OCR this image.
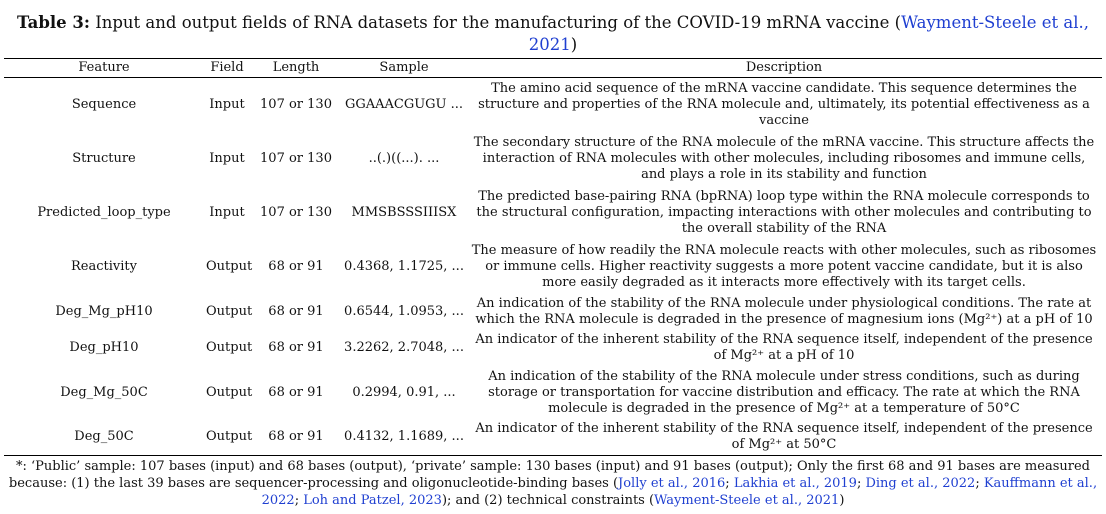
Table 3: Input and output fields of RNA datasets for the manufacturing of the COVID-19 mRNA vaccine (Wayment-Steele et al., 2021)
Feature	Field	Length	Sample	Description
Sequence	Input	107 or 130	GGAAACGUGU ...	The amino acid sequence of the mRNA vaccine candidate. This sequence determines the structure and properties of the RNA molecule and, ultimately, its potential effectiveness as a vaccine
Structure	Input	107 or 130	..(.)((...). ...	The secondary structure of the RNA molecule of the mRNA vaccine. This structure affects the interaction of RNA molecules with other molecules, including ribosomes and immune cells, and plays a role in its stability and function
Predicted_loop_type	Input	107 or 130	MMSBSSSIIISX	The predicted base-pairing RNA (bpRNA) loop type within the RNA molecule corresponds to the structural configuration, impacting interactions with other molecules and contributing to the overall stability of the RNA
Reactivity	Output	68 or 91	0.4368, 1.1725, ...	The measure of how readily the RNA molecule reacts with other molecules, such as ribosomes or immune cells. Higher reactivity suggests a more potent vaccine candidate, but it is also more easily degraded as it interacts more effectively with its target cells.
Deg_Mg_pH10	Output	68 or 91	0.6544, 1.0953, ...	An indication of the stability of the RNA molecule under physiological conditions. The rate at which the RNA molecule is degraded in the presence of magnesium ions (Mg²⁺) at a pH of 10
Deg_pH10	Output	68 or 91	3.2262, 2.7048, ...	An indicator of the inherent stability of the RNA sequence itself, independent of the presence of Mg²⁺ at a pH of 10
Deg_Mg_50C	Output	68 or 91	0.2994, 0.91, ...	An indication of the stability of the RNA molecule under stress conditions, such as during storage or transportation for vaccine distribution and efficacy. The rate at which the RNA molecule is degraded in the presence of Mg²⁺ at a temperature of 50°C
Deg_50C	Output	68 or 91	0.4132, 1.1689, ...	An indicator of the inherent stability of the RNA sequence itself, independent of the presence of Mg²⁺ at 50°C
*: ‘Public’ sample: 107 bases (input) and 68 bases (output), ‘private’ sample: 130 bases (input) and 91 bases (output); Only the first 68 and 91 bases are measured because: (1) the last 39 bases are sequencer-processing and oligonucleotide-binding bases (Jolly et al., 2016; Lakhia et al., 2019; Ding et al., 2022; Kauffmann et al., 2022; Loh and Patzel, 2023); and (2) technical constraints (Wayment-Steele et al., 2021)
